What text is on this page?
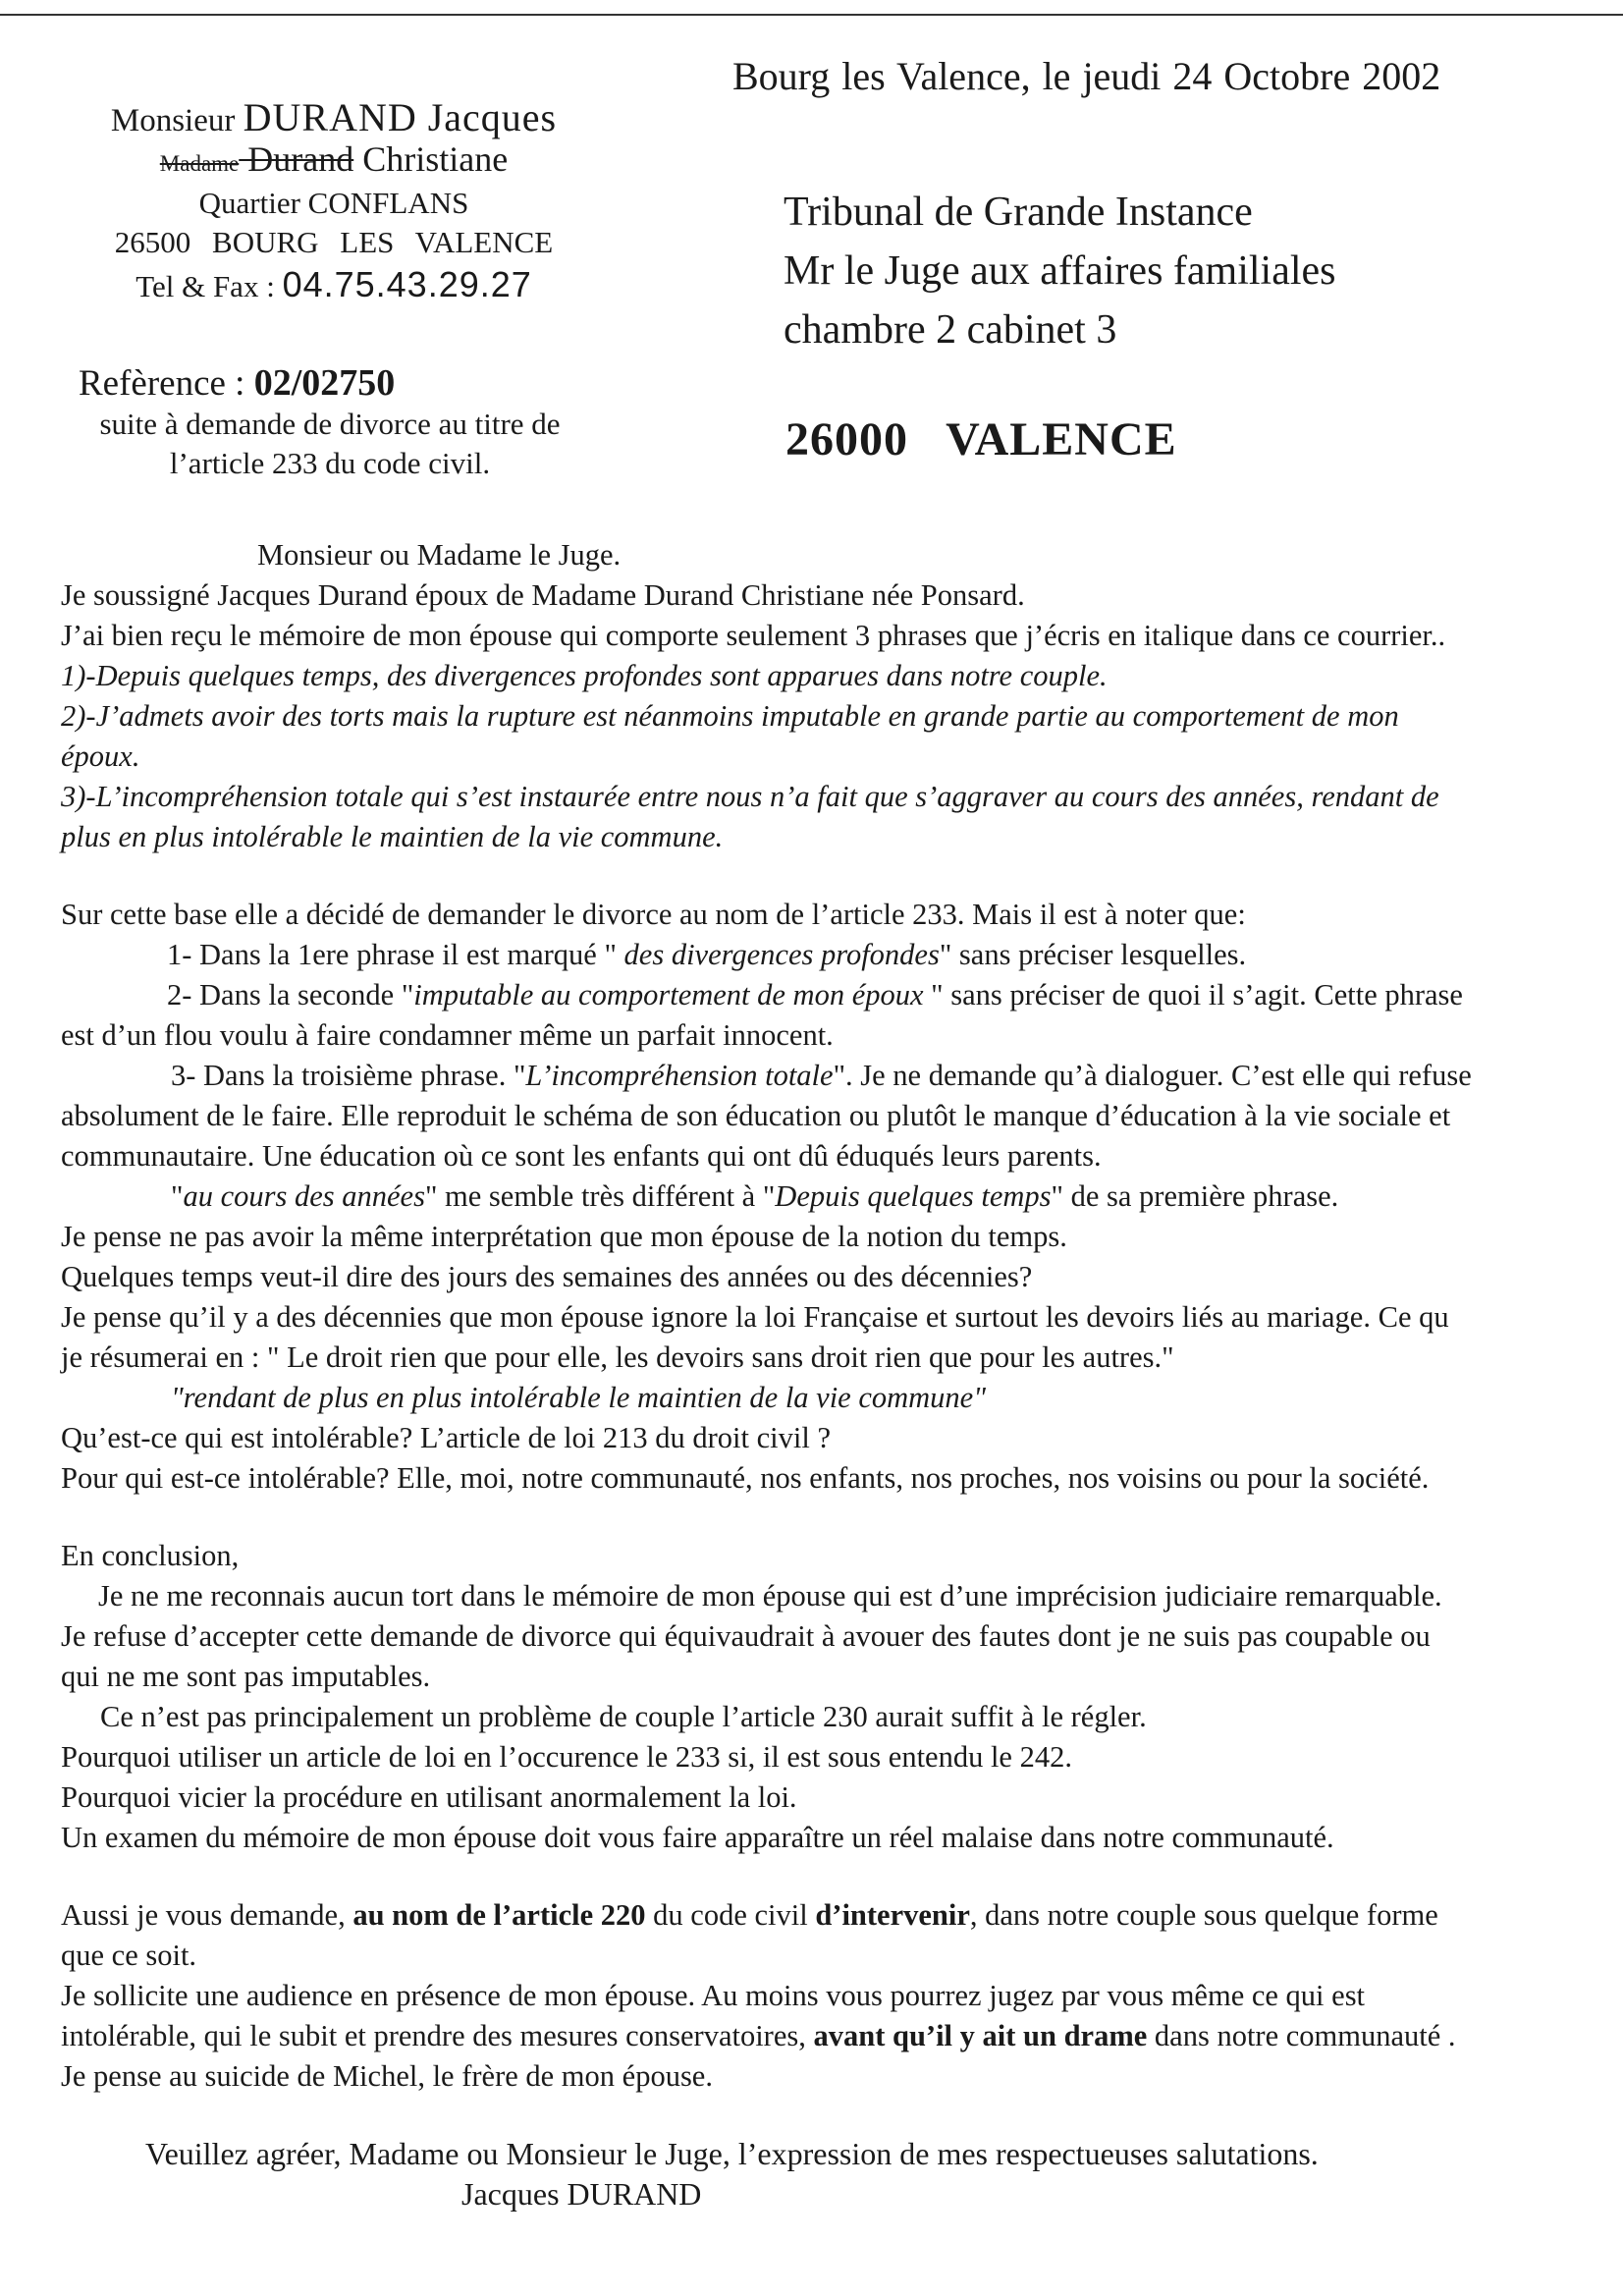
Bourg les Valence, le jeudi 24 Octobre 2002
Monsieur DURAND Jacques
Madame Durand Christiane
Quartier CONFLANS
26500 BOURG LES VALENCE
Tel & Fax : 04.75.43.29.27
Tribunal de Grande Instance
Mr le Juge aux affaires familiales
chambre 2 cabinet 3
26000 VALENCE
Refèrence : 02/02750
suite à demande de divorce au titre de
l’article 233 du code civil.

Monsieur ou Madame le Juge.

Je soussigné Jacques Durand époux de Madame Durand Christiane née Ponsard.

J’ai bien reçu le mémoire de mon épouse qui comporte seulement 3 phrases que j’écris en italique dans ce courrier..

1)-Depuis quelques temps, des divergences profondes sont apparues dans notre couple.

2)-J’admets avoir des torts mais la rupture est néanmoins imputable en grande partie au comportement de mon

époux.

3)-L’incompréhension totale qui s’est instaurée entre nous n’a fait que s’aggraver au cours des années, rendant de

plus en plus intolérable le maintien de la vie commune.

Sur cette base elle a décidé de demander le divorce au nom de l’article 233. Mais il est à noter que:

1- Dans la 1ere phrase il est marqué " des divergences profondes" sans préciser lesquelles.

2- Dans la seconde "imputable au comportement de mon époux " sans préciser de quoi il s’agit. Cette phrase

est d’un flou voulu à faire condamner même un parfait innocent.

3- Dans la troisième phrase. "L’incompréhension totale". Je ne demande qu’à dialoguer. C’est elle qui refuse

absolument de le faire. Elle reproduit le schéma de son éducation ou plutôt le manque d’éducation à la vie sociale et

communautaire. Une éducation où ce sont les enfants qui ont dû éduqués leurs parents.

"au cours des années" me semble très différent à "Depuis quelques temps" de sa première phrase.

Je pense ne pas avoir la même interprétation que mon épouse de la notion du temps.

Quelques temps veut-il dire des jours des semaines des années ou des décennies?

Je pense qu’il y a des décennies que mon épouse ignore la loi Française et surtout les devoirs liés au mariage. Ce qu

je résumerai en : " Le droit rien que pour elle, les devoirs sans droit rien que pour les autres."

"rendant de plus en plus intolérable le maintien de la vie commune"

Qu’est-ce qui est intolérable? L’article de loi 213 du droit civil ?

Pour qui est-ce intolérable? Elle, moi, notre communauté, nos enfants, nos proches, nos voisins ou pour la société.

En conclusion,

Je ne me reconnais aucun tort dans le mémoire de mon épouse qui est d’une imprécision judiciaire remarquable.

Je refuse d’accepter cette demande de divorce qui équivaudrait à avouer des fautes dont je ne suis pas coupable ou

qui ne me sont pas imputables.

Ce n’est pas principalement un problème de couple l’article 230 aurait suffit à le régler.

Pourquoi utiliser un article de loi en l’occurence le 233 si, il est sous entendu le 242.

Pourquoi vicier la procédure en utilisant anormalement la loi.

Un examen du mémoire de mon épouse doit vous faire apparaître un réel malaise dans notre communauté.

Aussi je vous demande, au nom de l’article 220 du code civil d’intervenir, dans notre couple sous quelque forme

que ce soit.

Je sollicite une audience en présence de mon épouse. Au moins vous pourrez jugez par vous même ce qui est

intolérable, qui le subit et prendre des mesures conservatoires, avant qu’il y ait un drame dans notre communauté .

Je pense au suicide de Michel, le frère de mon épouse.

Veuillez agréer, Madame ou Monsieur le Juge, l’expression de mes respectueuses salutations.

Jacques DURAND
